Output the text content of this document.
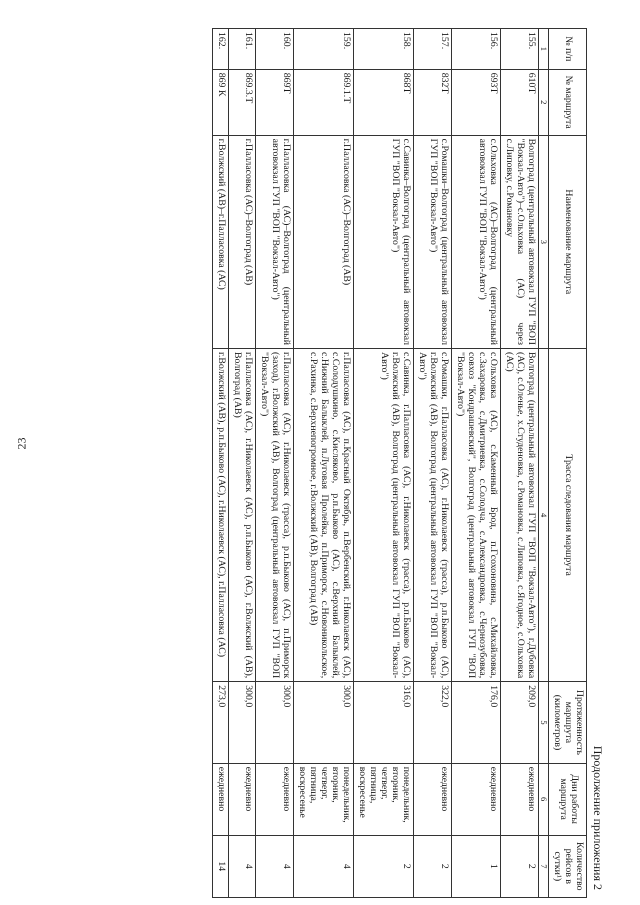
23
Продолжение приложения 2
№ п/п	№ маршрута	Наименование маршрута	Трасса следования маршрута	Протяженность маршрута (километров)	Дни работы маршрута	Количество рейсов в сутки¹)
1	2	3	4	5	6	7
155.	610Т	Волгоград (центральный автовокзал ГУП "ВОП "Вокзал-Авто")–с.Ольховка (АС) через с.Липовку, с.Романовку	Волгоград (центральный автовокзал ГУП "ВОП "Вокзал-Авто"), г.Дубовка (АС), с.Оленье, х.Студеновка, с.Романовка, с.Липовка, с.Ягодное, с.Ольховка (АС)	209,0	ежедневно	2
156.	693Т	с.Ольховка (АС)–Волгоград (центральный автовокзал ГУП "ВОП "Вокзал-Авто")	с.Ольховка (АС), с.Каменный Брод, п.Гсохоновина, с.Михайловка, с.Захаровка, с.Дмитриевка, с.Солодча, с.Александровка, с.Чернозубовка, совхоз "Кондрашевский", Волгоград (центральный автовокзал ГУП "ВОП "Вокзал-Авто")	176,0	ежедневно	1
157.	832Т	с.Ромашки–Волгоград (центральный автовокзал ГУП "ВОП "Вокзал-Авто")	с.Ромашки, г.Палласовка (АС), г.Николаевск (трасса), р.п.Быково (АС), г.Волжский (АВ), Волгоград (центральный автовокзал ГУП "ВОП "Вокзал-Авто")	322,0	ежедневно	2
158.	868Т	с.Савинка–Волгоград (центральный автовокзал ГУП "ВОП "Вокзал-Авто")	с.Савинка, г.Палласовка (АС), г.Николаевск (трасса), р.п.Быково (АС), г.Волжский (АВ), Волгоград (центральный автовокзал ГУП "ВОП "Вокзал-Авто")	316,0	понедельник, вторник, четверг, пятница, воскресенье	2
159.	869.1.Т	г.Палласовка (АС)–Волгоград (АВ)	г.Палласовка (АС), п.Красный Октябрь, п.Вербенский, г.Николаевск (АС), с.Солодушкино, с.Кисляково, р.п.Быково (АС), с.Верхний Балыклей, с.Нижний Балыклей, п.Луговая Пролейка, п.Приморск, с.Новоникольское, с.Рахинка, с.Верхнепогромное, г.Волжский (АВ), Волгоград (АВ)	300,0	понедельник, вторник, четверг, пятница, воскресенье	4
160.	869Т	г.Палласовка (АС)–Волгоград (центральный автовокзал ГУП "ВОП "Вокзал-Авто")	г.Палласовка (АС), г.Николаевск (трасса), р.п.Быково (АС), п.Приморск (заход), г.Волжский (АВ), Волгоград (центральный автовокзал ГУП "ВОП "Вокзал-Авто")	300,0	ежедневно	4
161.	869.3.Т	г.Палласовка (АС)–Волгоград (АВ)	г.Палласовка (АС), г.Николаевск (АС), р.п.Быково (АС), г.Волжский (АВ), Волгоград (АВ)	300,0	ежедневно	4
162.	869 К	г.Волжский (АВ)–г.Палласовка (АС)	г.Волжский (АВ), р.п.Быково (АС), г.Николаевск (АС), г.Палласовка (АС)	273,0	ежедневно	14
